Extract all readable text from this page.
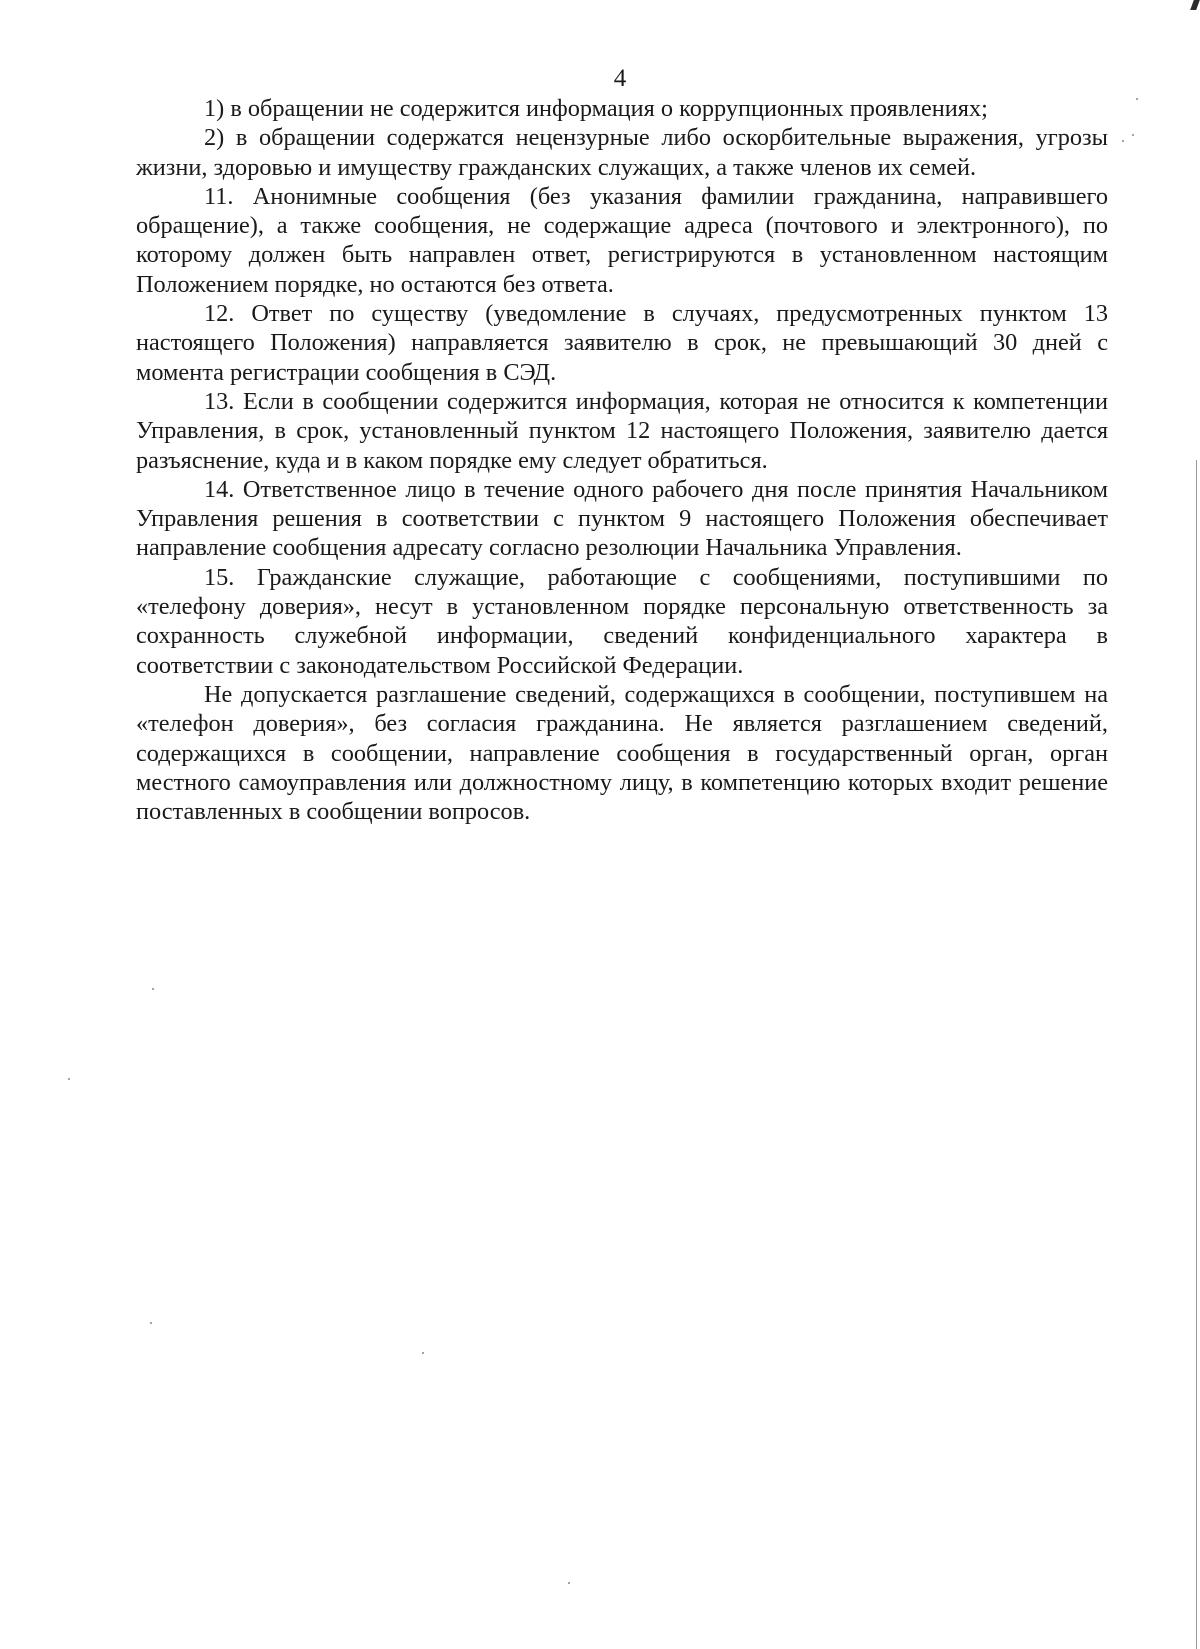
4

1) в обращении не содержится информация о коррупционных проявлениях;

2) в обращении содержатся нецензурные либо оскорбительные выражения, угрозы жизни, здоровью и имуществу гражданских служащих, а также членов их семей.

11. Анонимные сообщения (без указания фамилии гражданина, направившего обращение), а также сообщения, не содержащие адреса (почтового и электронного), по которому должен быть направлен ответ, регистрируются в установленном настоящим Положением порядке, но остаются без ответа.

12. Ответ по существу (уведомление в случаях, предусмотренных пунктом 13 настоящего Положения) направляется заявителю в срок, не превышающий 30 дней с момента регистрации сообщения в СЭД.

13. Если в сообщении содержится информация, которая не относится к компетенции Управления, в срок, установленный пунктом 12 настоящего Положения, заявителю дается разъяснение, куда и в каком порядке ему следует обратиться.

14. Ответственное лицо в течение одного рабочего дня после принятия Начальником Управления решения в соответствии с пунктом 9 настоящего Положения обеспечивает направление сообщения адресату согласно резолюции Начальника Управления.

15. Гражданские служащие, работающие с сообщениями, поступившими по «телефону доверия», несут в установленном порядке персональную ответственность за сохранность служебной информации, сведений конфиденциального характера в соответствии с законодательством Российской Федерации.

Не допускается разглашение сведений, содержащихся в сообщении, поступившем на «телефон доверия», без согласия гражданина. Не является разглашением сведений, содержащихся в сообщении, направление сообщения в государственный орган, орган местного самоуправления или должностному лицу, в компетенцию которых входит решение поставленных в сообщении вопросов.
